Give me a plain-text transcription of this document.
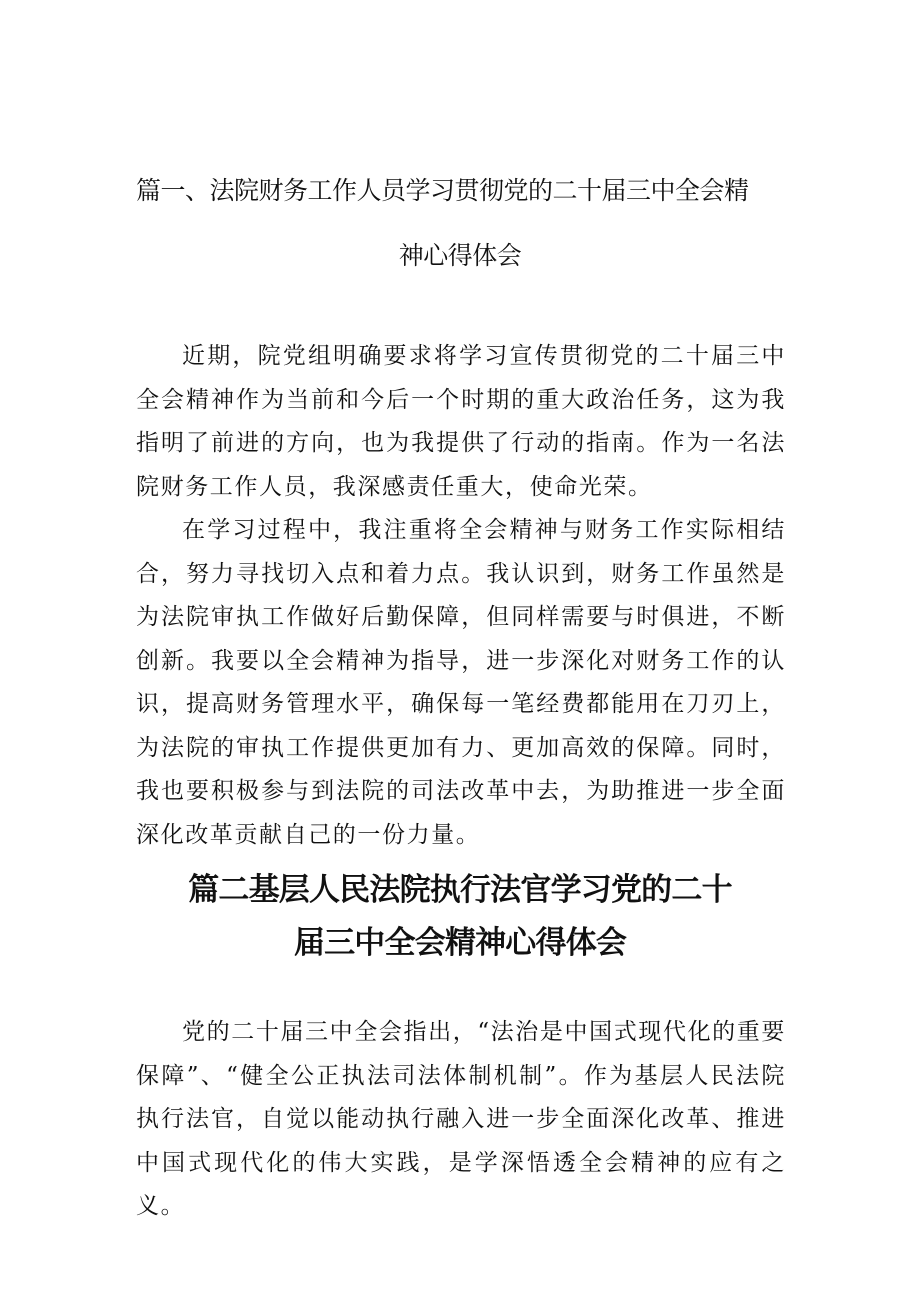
篇一、法院财务工作人员学习贯彻党的二十届三中全会精
神心得体会

近期，院党组明确要求将学习宣传贯彻党的二十届三中全会精神作为当前和今后一个时期的重大政治任务，这为我指明了前进的方向，也为我提供了行动的指南。作为一名法院财务工作人员，我深感责任重大，使命光荣。

在学习过程中，我注重将全会精神与财务工作实际相结合，努力寻找切入点和着力点。我认识到，财务工作虽然是为法院审执工作做好后勤保障，但同样需要与时俱进，不断创新。我要以全会精神为指导，进一步深化对财务工作的认识，提高财务管理水平，确保每一笔经费都能用在刀刃上，为法院的审执工作提供更加有力、更加高效的保障。同时，我也要积极参与到法院的司法改革中去，为助推进一步全面深化改革贡献自己的一份力量。

篇二基层人民法院执行法官学习党的二十
届三中全会精神心得体会

党的二十届三中全会指出，“法治是中国式现代化的重要保障”、“健全公正执法司法体制机制”。作为基层人民法院执行法官，自觉以能动执行融入进一步全面深化改革、推进中国式现代化的伟大实践，是学深悟透全会精神的应有之义。
